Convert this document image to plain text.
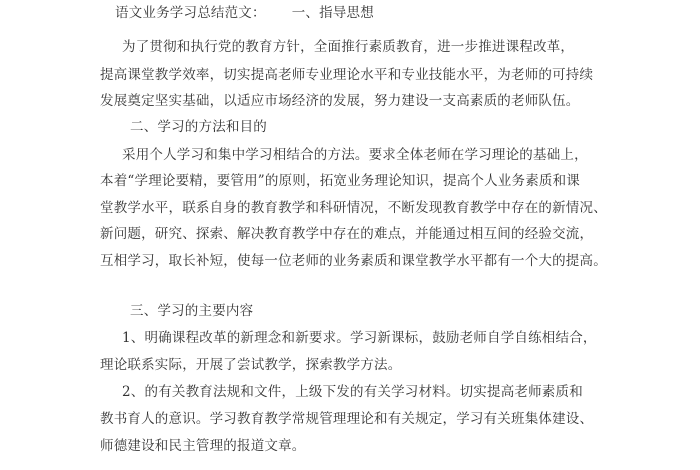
语文业务学习总结范文： 一、指导思想
为了贯彻和执行党的教育方针，全面推行素质教育，进一步推进课程改革，
提高课堂教学效率，切实提高老师专业理论水平和专业技能水平，为老师的可持续
发展奠定坚实基础，以适应市场经济的发展，努力建设一支高素质的老师队伍。
二、学习的方法和目的
采用个人学习和集中学习相结合的方法。要求全体老师在学习理论的基础上，
本着“学理论要精，要管用”的原则，拓宽业务理论知识，提高个人业务素质和课
堂教学水平，联系自身的教育教学和科研情况，不断发现教育教学中存在的新情况、
新问题，研究、探索、解决教育教学中存在的难点，并能通过相互间的经验交流，
互相学习，取长补短，使每一位老师的业务素质和课堂教学水平都有一个大的提高。
三、学习的主要内容
1、明确课程改革的新理念和新要求。学习新课标，鼓励老师自学自练相结合，
理论联系实际，开展了尝试教学，探索教学方法。
2、的有关教育法规和文件，上级下发的有关学习材料。切实提高老师素质和
教书育人的意识。学习教育教学常规管理理论和有关规定，学习有关班集体建设、
师德建设和民主管理的报道文章。
